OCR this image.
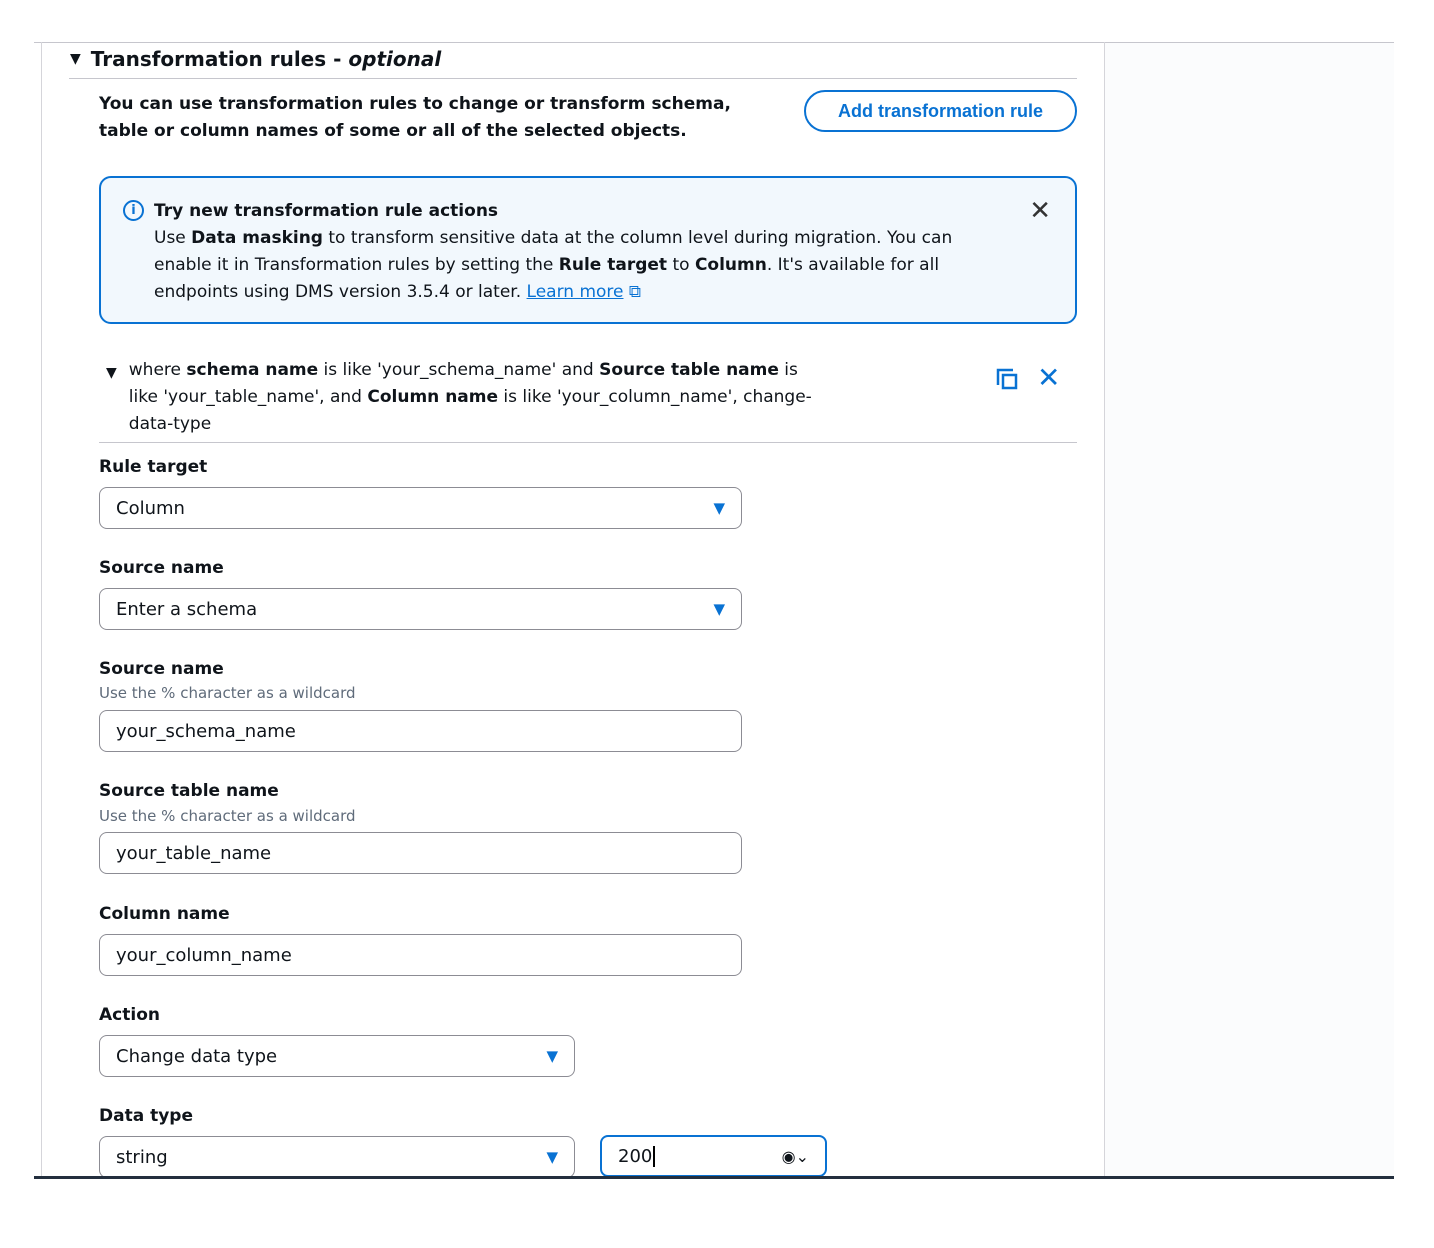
▼ Transformation rules - optional
You can use transformation rules to change or transform schema, table or column names of some or all of the selected objects.
Add transformation rule
i	Try new transformation rule actions
Use Data masking to transform sensitive data at the column level during migration. You can enable it in Transformation rules by setting the Rule target to Column. It's available for all endpoints using DMS version 3.5.4 or later. Learn more ⧉
✕
▼ where schema name is like 'your_schema_name' and Source table name is like 'your_table_name', and Column name is like 'your_column_name', change-data-type
✕
Rule target
Column	▼
Source name
Enter a schema	▼
Source name
Use the % character as a wildcard
your_schema_name
Source table name
Use the % character as a wildcard
your_table_name
Column name
your_column_name
Action
Change data type	▼
Data type
string	▼	200	◉⌄
